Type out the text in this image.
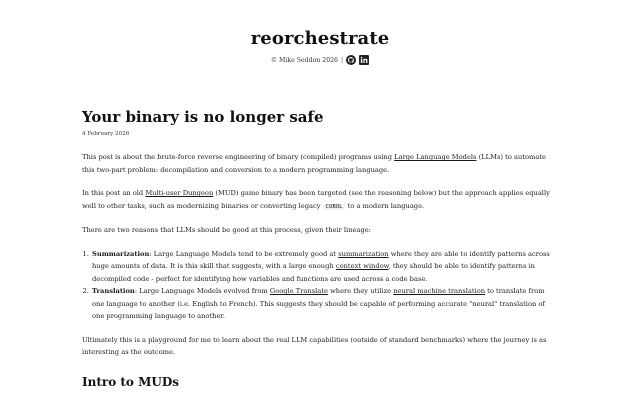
reorchestrate
© Mike Seddon 2026 |
Your binary is no longer safe
4 February 2026

This post is about the brute-force reverse engineering of binary (compiled) programs using Large Language Models (LLMs) to automate this two-part problem: decompilation and conversion to a modern programming language.

In this post an old Multi-user Dungeon (MUD) game binary has been targeted (see the reasoning below) but the approach applies equally well to other tasks, such as modernizing binaries or converting legacy COBOL to a modern language.

There are two reasons that LLMs should be good at this process, given their lineage:

1. Summarization: Large Language Models tend to be extremely good at summarization where they are able to identify patterns across huge amounts of data. It is this skill that suggests, with a large enough context window, they should be able to identify patterns in decompiled code - perfect for identifying how variables and functions are used across a code base.
2. Translation: Large Language Models evolved from Google Translate where they utilize neural machine translation to translate from one language to another (i.e. English to French). This suggests they should be capable of performing accurate "neural" translation of one programming language to another.

Ultimately this is a playground for me to learn about the real LLM capabilities (outside of standard benchmarks) where the journey is as interesting as the outcome.

Intro to MUDs
